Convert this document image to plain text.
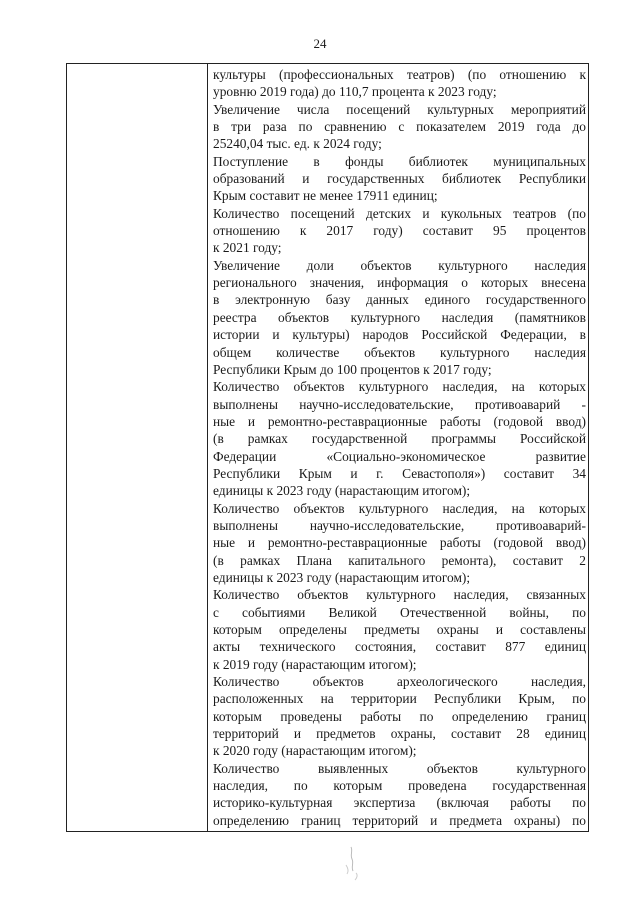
24
культуры (профессиональных театров) (по отношению к
уровню 2019 года) до 110,7 процента к 2023 году;
Увеличение числа посещений культурных мероприятий
в три раза по сравнению с показателем 2019 года до
25240,04 тыс. ед. к 2024 году;
Поступление в фонды библиотек муниципальных
образований и государственных библиотек Республики
Крым составит не менее 17911 единиц;
Количество посещений детских и кукольных театров (по
отношению к 2017 году) составит 95 процентов
к 2021 году;
Увеличение доли объектов культурного наследия
регионального значения, информация о которых внесена
в электронную базу данных единого государственного
реестра объектов культурного наследия (памятников
истории и культуры) народов Российской Федерации, в
общем количестве объектов культурного наследия
Республики Крым до 100 процентов к 2017 году;
Количество объектов культурного наследия, на которых
выполнены научно-исследовательские, противоаварий -
ные и ремонтно-реставрационные работы (годовой ввод)
(в рамках государственной программы Российской
Федерации «Социально-экономическое развитие
Республики Крым и г. Севастополя») составит 34
единицы к 2023 году (нарастающим итогом);
Количество объектов культурного наследия, на которых
выполнены научно-исследовательские, противоаварий-
ные и ремонтно-реставрационные работы (годовой ввод)
(в рамках Плана капитального ремонта), составит 2
единицы к 2023 году (нарастающим итогом);
Количество объектов культурного наследия, связанных
с событиями Великой Отечественной войны, по
которым определены предметы охраны и составлены
акты технического состояния, составит 877 единиц
к 2019 году (нарастающим итогом);
Количество объектов археологического наследия,
расположенных на территории Республики Крым, по
которым проведены работы по определению границ
территорий и предметов охраны, составит 28 единиц
к 2020 году (нарастающим итогом);
Количество выявленных объектов культурного
наследия, по которым проведена государственная
историко-культурная экспертиза (включая работы по
определению границ территорий и предмета охраны) по
